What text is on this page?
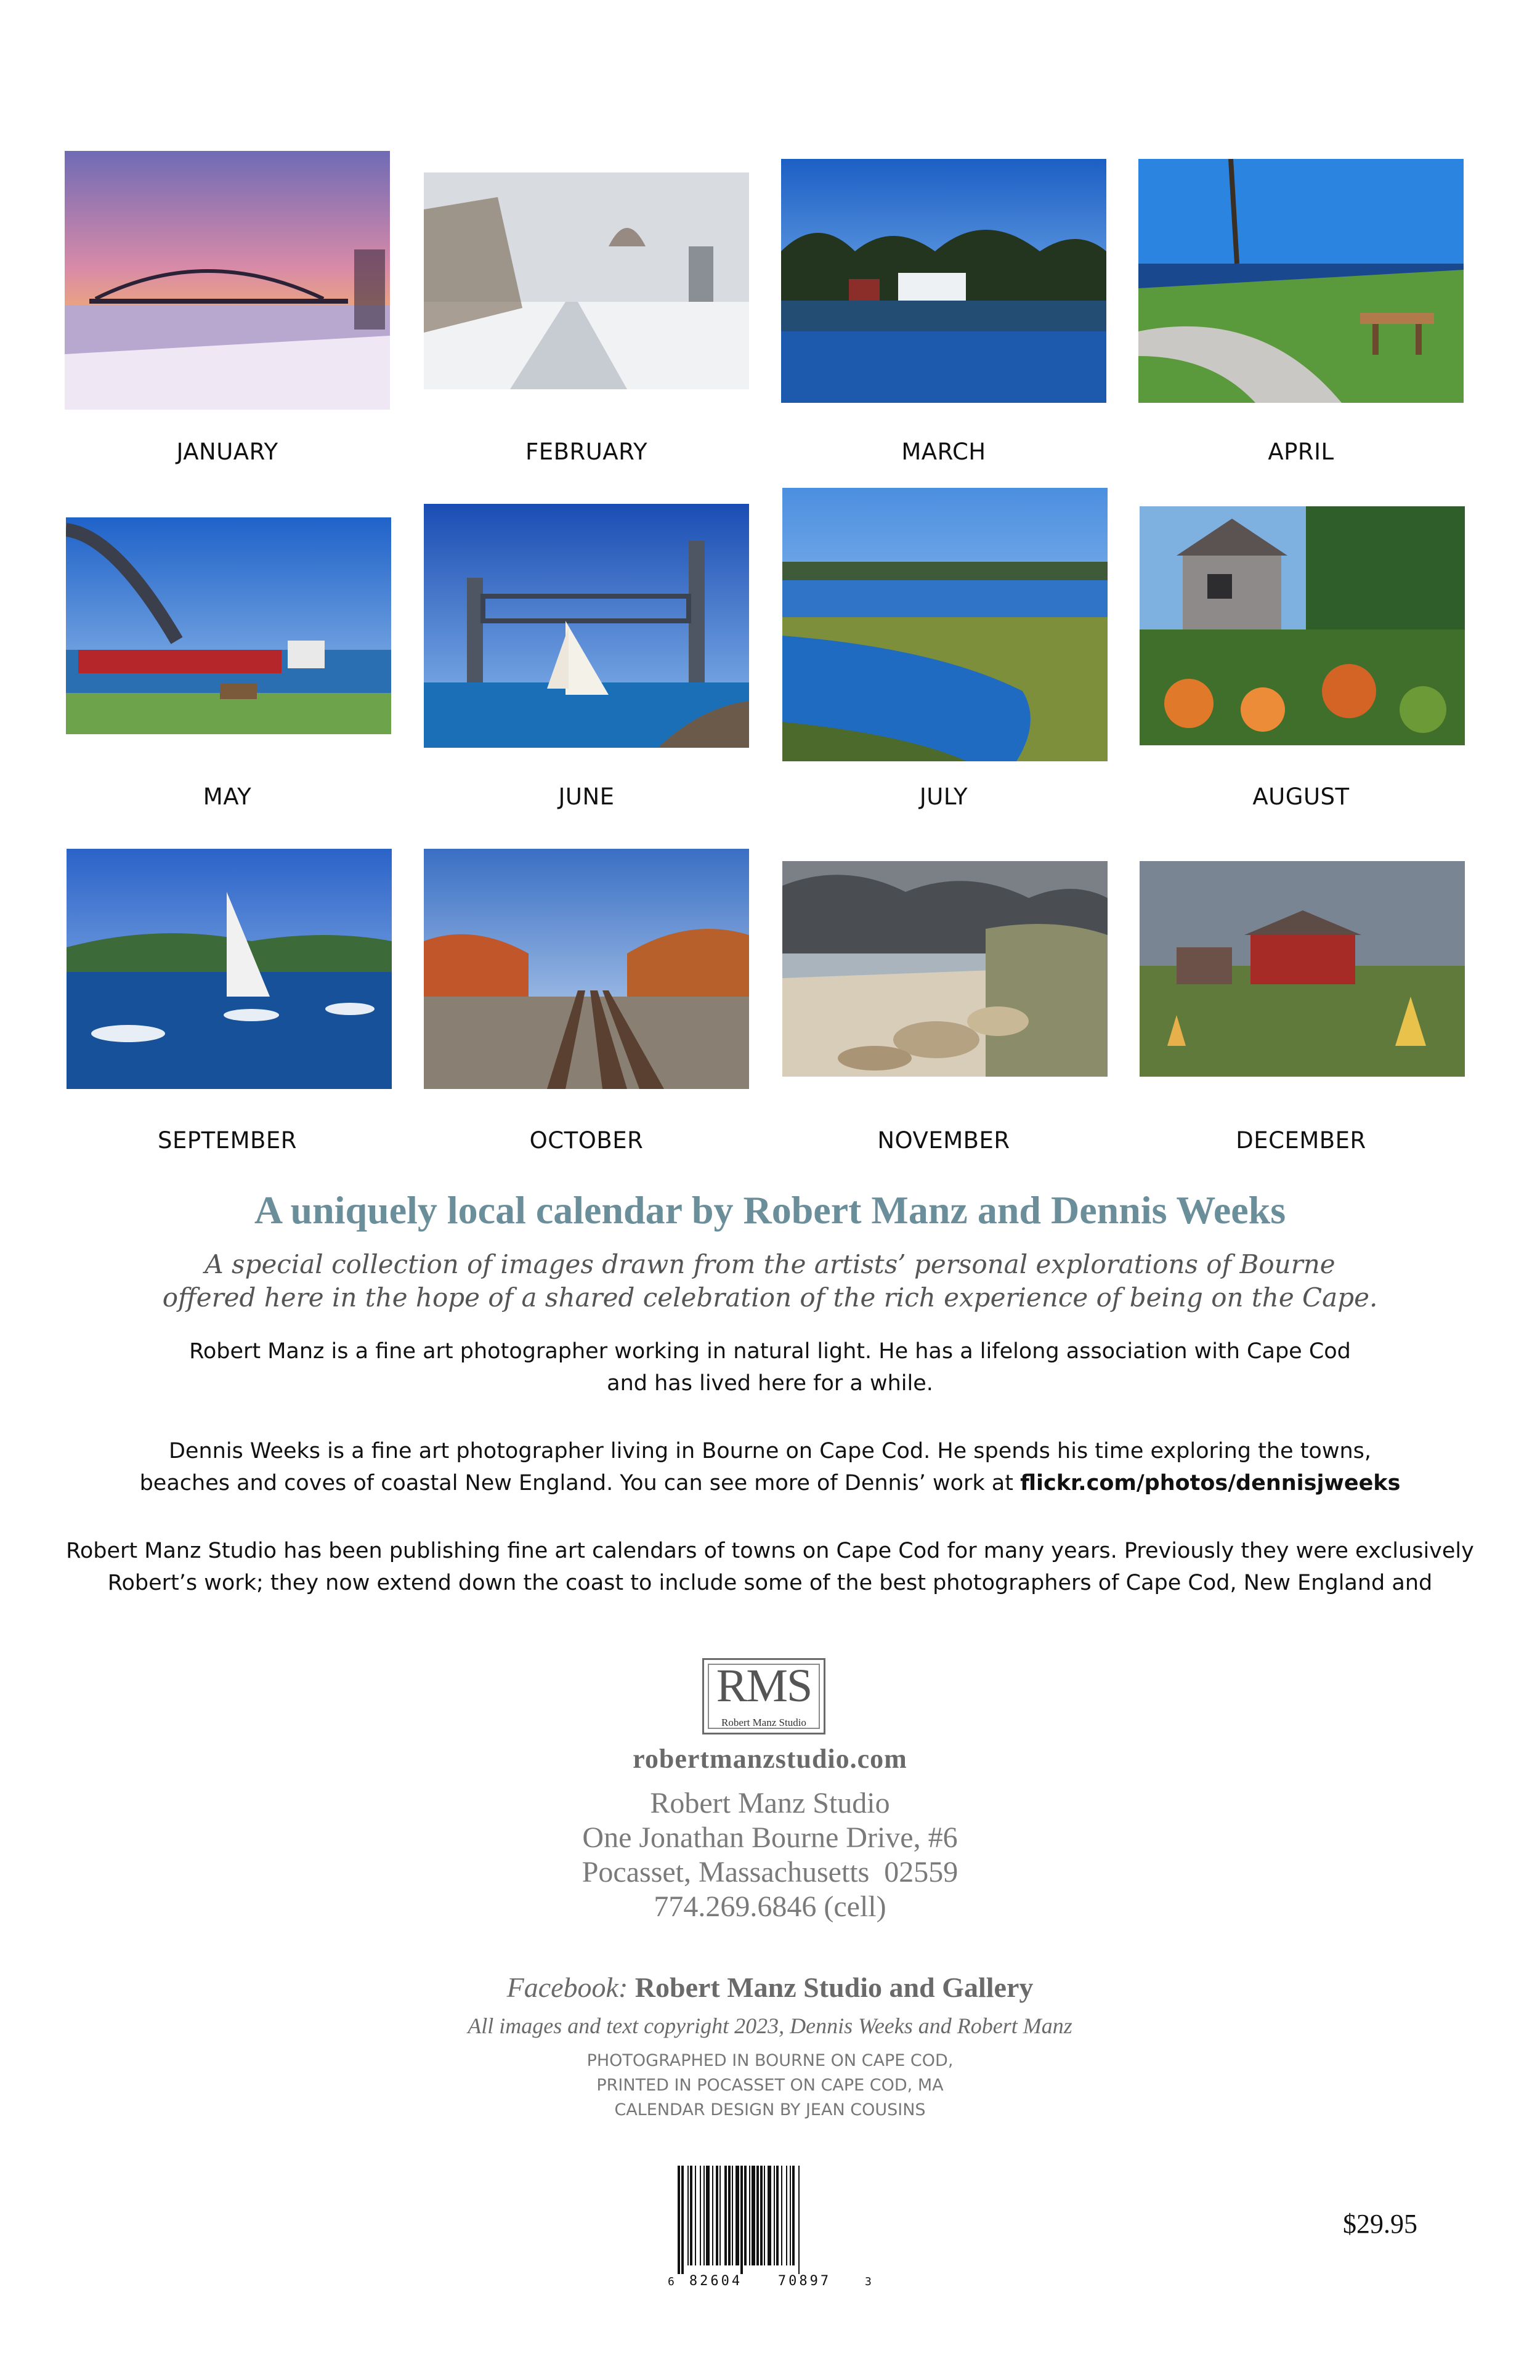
JANUARY	FEBRUARY	MARCH	APRIL
MAY	JUNE	JULY	AUGUST
SEPTEMBER	OCTOBER	NOVEMBER	DECEMBER
A uniquely local calendar by Robert Manz and Dennis Weeks
A special collection of images drawn from the artists’ personal explorations of Bourne
offered here in the hope of a shared celebration of the rich experience of being on the Cape.
Robert Manz is a fine art photographer working in natural light. He has a lifelong association with Cape Cod
and has lived here for a while.
Dennis Weeks is a fine art photographer living in Bourne on Cape Cod. He spends his time exploring the towns,
beaches and coves of coastal New England. You can see more of Dennis’ work at flickr.com/photos/dennisjweeks
Robert Manz Studio has been publishing fine art calendars of towns on Cape Cod for many years. Previously they were exclusively
Robert’s work; they now extend down the coast to include some of the best photographers of Cape Cod, New England and
RMS
Robert Manz Studio
robertmanzstudio.com
Robert Manz Studio
One Jonathan Bourne Drive, #6
Pocasset, Massachusetts  02559
774.269.6846 (cell)
Facebook: Robert Manz Studio and Gallery
All images and text copyright 2023, Dennis Weeks and Robert Manz
PHOTOGRAPHED IN BOURNE ON CAPE COD,
PRINTED IN POCASSET ON CAPE COD, MA
CALENDAR DESIGN BY JEAN COUSINS
6 82604	70897	3
$29.95
